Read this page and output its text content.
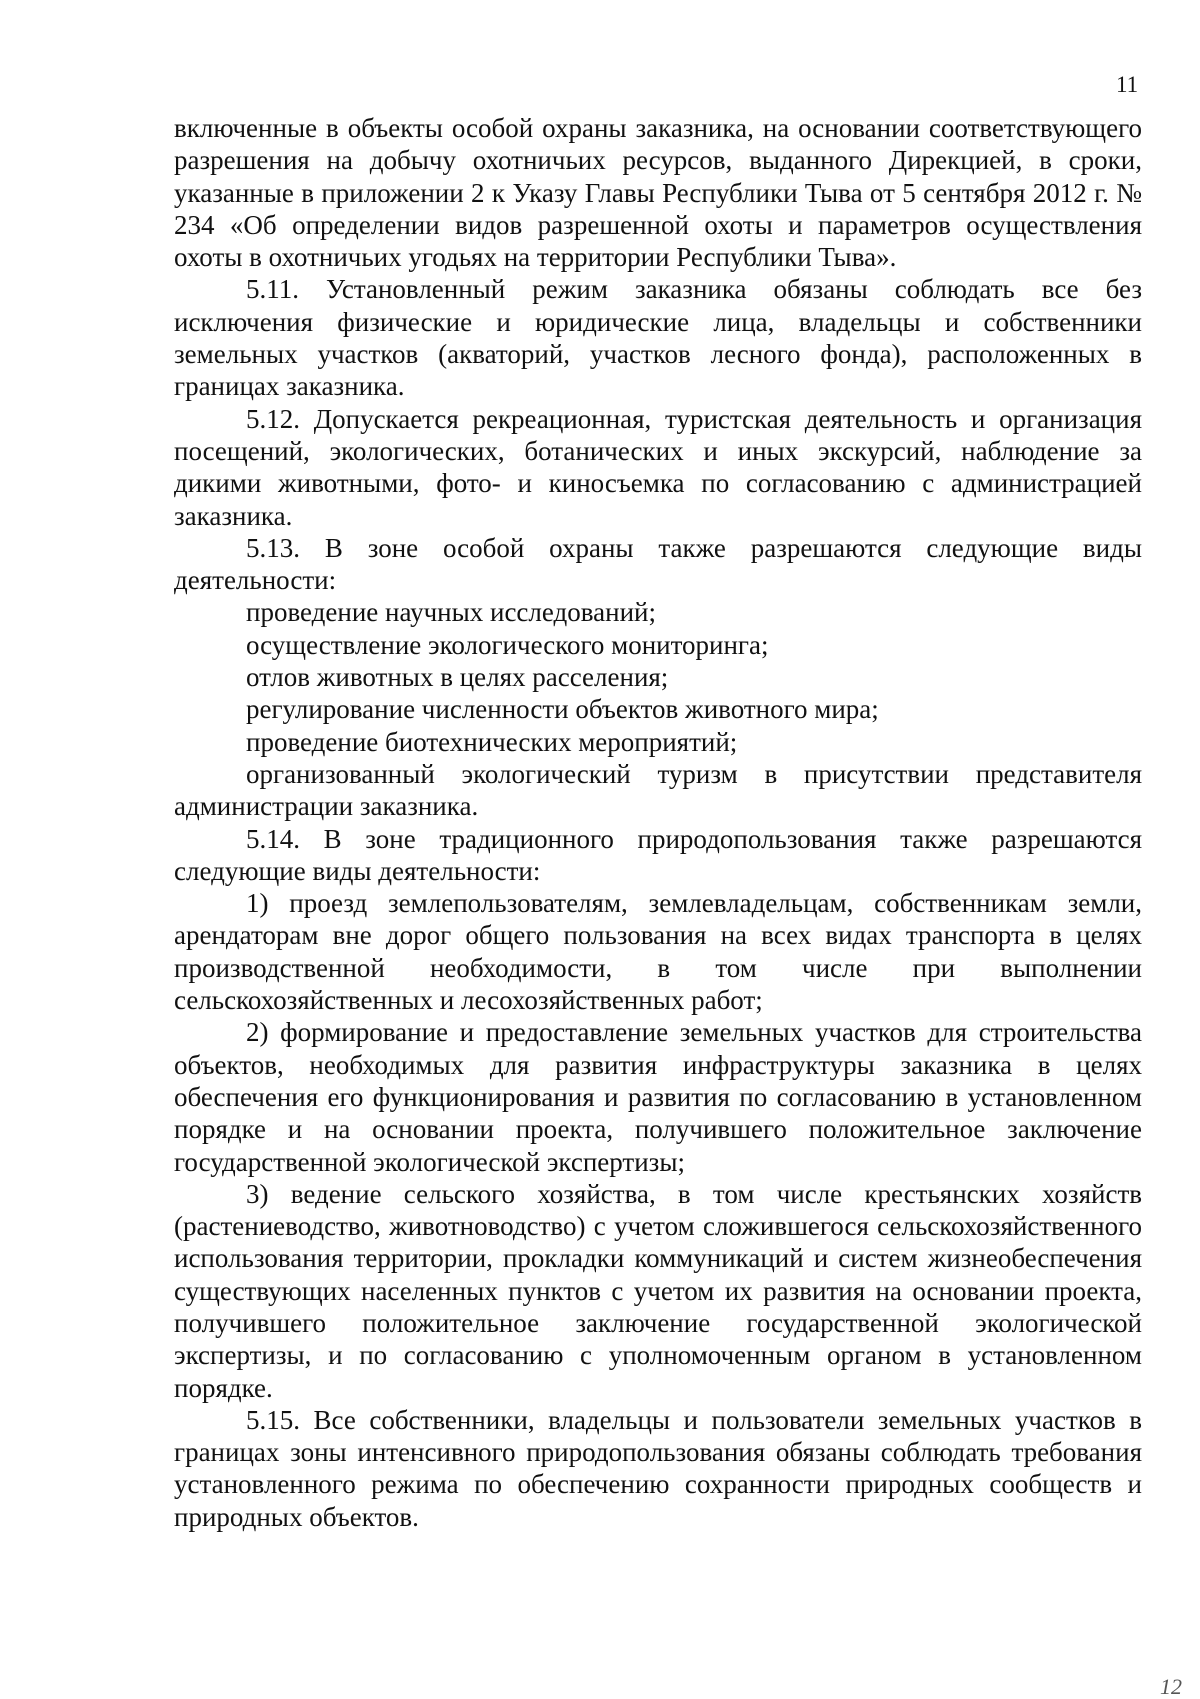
11

включенные в объекты особой охраны заказника, на основании соответствующего разрешения на добычу охотничьих ресурсов, выданного Дирекцией, в сроки, указанные в приложении 2 к Указу Главы Республики Тыва от 5 сентября 2012 г. № 234 «Об определении видов разрешенной охоты и параметров осуществления охоты в охотничьих угодьях на территории Республики Тыва».

5.11. Установленный режим заказника обязаны соблюдать все без исключения физические и юридические лица, владельцы и собственники земельных участков (акваторий, участков лесного фонда), расположенных в границах заказника.

5.12. Допускается рекреационная, туристская деятельность и организация посещений, экологических, ботанических и иных экскурсий, наблюдение за дикими животными, фото- и киносъемка по согласованию с администрацией заказника.

5.13. В зоне особой охраны также разрешаются следующие виды деятельности:

проведение научных исследований;

осуществление экологического мониторинга;

отлов животных в целях расселения;

регулирование численности объектов животного мира;

проведение биотехнических мероприятий;

организованный экологический туризм в присутствии представителя администрации заказника.

5.14. В зоне традиционного природопользования также разрешаются следующие виды деятельности:

1) проезд землепользователям, землевладельцам, собственникам земли, арендаторам вне дорог общего пользования на всех видах транспорта в целях производственной необходимости, в том числе при выполнении сельскохозяйственных и лесохозяйственных работ;

2) формирование и предоставление земельных участков для строительства объектов, необходимых для развития инфраструктуры заказника в целях обеспечения его функционирования и развития по согласованию в установленном порядке и на основании проекта, получившего положительное заключение государственной экологической экспертизы;

3) ведение сельского хозяйства, в том числе крестьянских хозяйств (растениеводство, животноводство) с учетом сложившегося сельскохозяйственного использования территории, прокладки коммуникаций и систем жизнеобеспечения существующих населенных пунктов с учетом их развития на основании проекта, получившего положительное заключение государственной экологической экспертизы, и по согласованию с уполномоченным органом в установленном порядке.

5.15. Все собственники, владельцы и пользователи земельных участков в границах зоны интенсивного природопользования обязаны соблюдать требования установленного режима по обеспечению сохранности природных сообществ и природных объектов.

12
